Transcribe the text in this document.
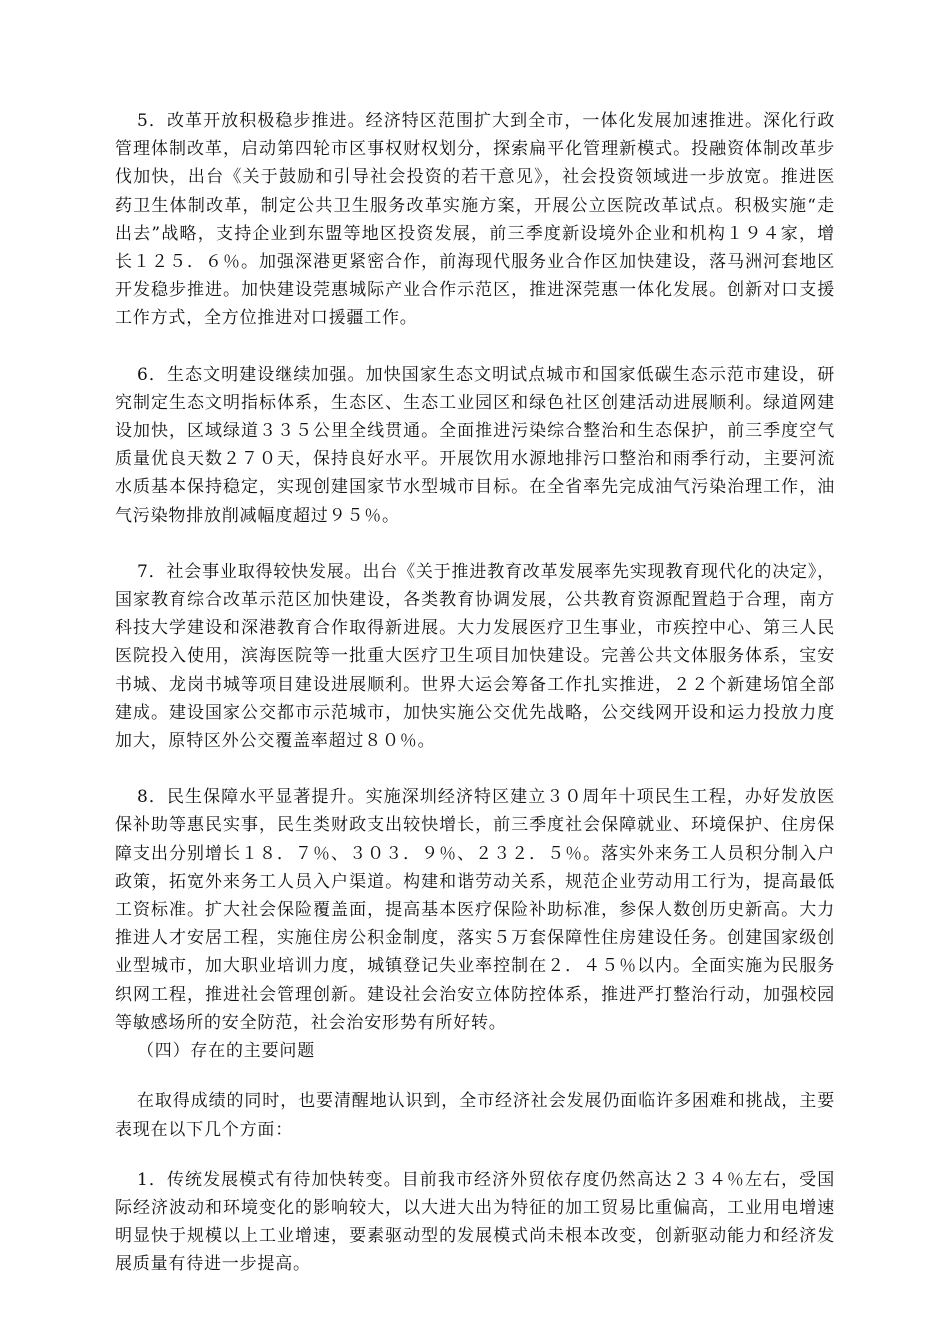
5．改革开放积极稳步推进。经济特区范围扩大到全市，一体化发展加速推进。深化行政管理体制改革，启动第四轮市区事权财权划分，探索扁平化管理新模式。投融资体制改革步伐加快，出台《关于鼓励和引导社会投资的若干意见》，社会投资领域进一步放宽。推进医药卫生体制改革，制定公共卫生服务改革实施方案，开展公立医院改革试点。积极实施“走出去”战略，支持企业到东盟等地区投资发展，前三季度新设境外企业和机构１９４家，增长１２５．６％。加强深港更紧密合作，前海现代服务业合作区加快建设，落马洲河套地区开发稳步推进。加快建设莞惠城际产业合作示范区，推进深莞惠一体化发展。创新对口支援工作方式，全方位推进对口援疆工作。

6．生态文明建设继续加强。加快国家生态文明试点城市和国家低碳生态示范市建设，研究制定生态文明指标体系，生态区、生态工业园区和绿色社区创建活动进展顺利。绿道网建设加快，区域绿道３３５公里全线贯通。全面推进污染综合整治和生态保护，前三季度空气质量优良天数２７０天，保持良好水平。开展饮用水源地排污口整治和雨季行动，主要河流水质基本保持稳定，实现创建国家节水型城市目标。在全省率先完成油气污染治理工作，油气污染物排放削减幅度超过９５％。

7．社会事业取得较快发展。出台《关于推进教育改革发展率先实现教育现代化的决定》，国家教育综合改革示范区加快建设，各类教育协调发展，公共教育资源配置趋于合理，南方科技大学建设和深港教育合作取得新进展。大力发展医疗卫生事业，市疾控中心、第三人民医院投入使用，滨海医院等一批重大医疗卫生项目加快建设。完善公共文体服务体系，宝安书城、龙岗书城等项目建设进展顺利。世界大运会筹备工作扎实推进，２２个新建场馆全部建成。建设国家公交都市示范城市，加快实施公交优先战略，公交线网开设和运力投放力度加大，原特区外公交覆盖率超过８０％。

8．民生保障水平显著提升。实施深圳经济特区建立３０周年十项民生工程，办好发放医保补助等惠民实事，民生类财政支出较快增长，前三季度社会保障就业、环境保护、住房保障支出分别增长１８．７％、３０３．９％、２３２．５％。落实外来务工人员积分制入户政策，拓宽外来务工人员入户渠道。构建和谐劳动关系，规范企业劳动用工行为，提高最低工资标准。扩大社会保险覆盖面，提高基本医疗保险补助标准，参保人数创历史新高。大力推进人才安居工程，实施住房公积金制度，落实５万套保障性住房建设任务。创建国家级创业型城市，加大职业培训力度，城镇登记失业率控制在２．４５％以内。全面实施为民服务织网工程，推进社会管理创新。建设社会治安立体防控体系，推进严打整治行动，加强校园等敏感场所的安全防范，社会治安形势有所好转。

（四）存在的主要问题

在取得成绩的同时，也要清醒地认识到，全市经济社会发展仍面临许多困难和挑战，主要表现在以下几个方面：

1．传统发展模式有待加快转变。目前我市经济外贸依存度仍然高达２３４％左右，受国际经济波动和环境变化的影响较大，以大进大出为特征的加工贸易比重偏高，工业用电增速明显快于规模以上工业增速，要素驱动型的发展模式尚未根本改变，创新驱动能力和经济发展质量有待进一步提高。
